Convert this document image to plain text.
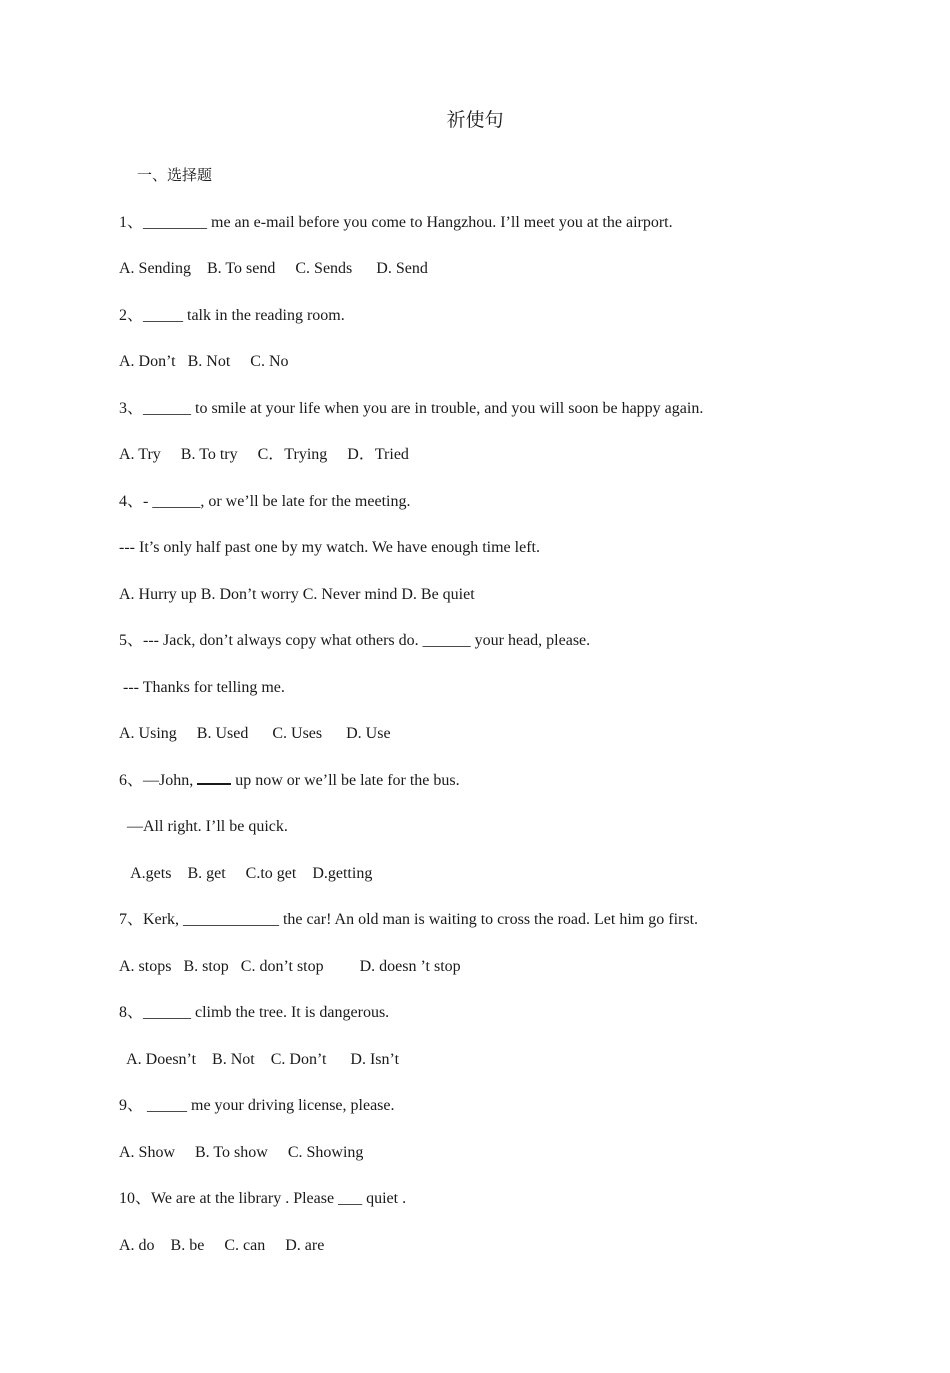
祈使句
一、选择题
1、________ me an e-mail before you come to Hangzhou. I’ll meet you at the airport.
A. Sending    B. To send     C. Sends      D. Send
2、_____ talk in the reading room.
A. Don’t   B. Not     C. No
3、______ to smile at your life when you are in trouble, and you will soon be happy again.
A. Try     B. To try     C．Trying     D．Tried
4、- ______, or we’ll be late for the meeting.
--- It’s only half past one by my watch. We have enough time left.
A. Hurry up B. Don’t worry C. Never mind D. Be quiet
5、--- Jack, don’t always copy what others do. ______ your head, please.
--- Thanks for telling me.
A. Using     B. Used      C. Uses      D. Use
6、—John,	up now or we’ll be late for the bus.
—All right. I’ll be quick.
A.gets    B. get     C.to get    D.getting
7、Kerk, ____________ the car! An old man is waiting to cross the road. Let him go first.
A. stops   B. stop   C. don’t stop         D. doesn ’t stop
8、______ climb the tree. It is dangerous.
A. Doesn’t    B. Not    C. Don’t      D. Isn’t
9、 _____ me your driving license, please.
A. Show     B. To show     C. Showing
10、We are at the library . Please ___ quiet .
A. do    B. be     C. can     D. are
